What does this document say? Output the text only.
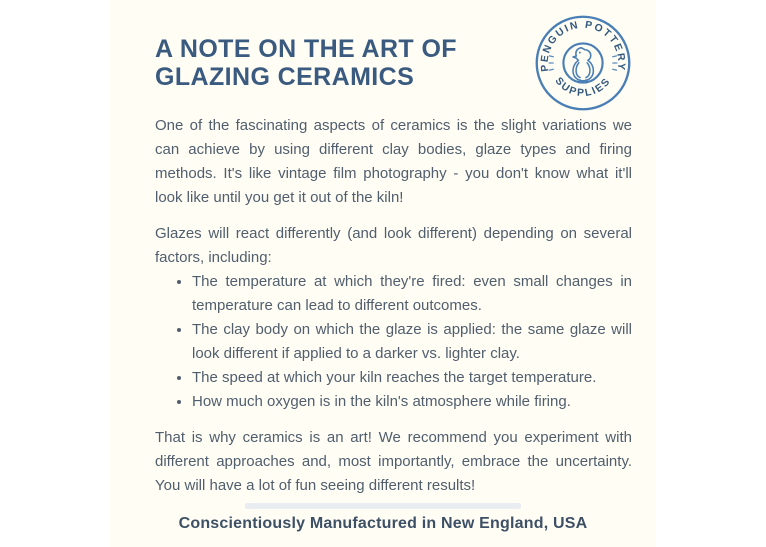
A NOTE ON THE ART OF
GLAZING CERAMICS	PENGUIN POTTERY
SUPPLIES

One of the fascinating aspects of ceramics is the slight variations we can achieve by using different clay bodies, glaze types and firing methods. It's like vintage film photography - you don't know what it'll look like until you get it out of the kiln!

Glazes will react differently (and look different) depending on several factors, including:

• The temperature at which they're fired: even small changes in temperature can lead to different outcomes.
• The clay body on which the glaze is applied: the same glaze will look different if applied to a darker vs. lighter clay.
• The speed at which your kiln reaches the target temperature.
• How much oxygen is in the kiln's atmosphere while firing.

That is why ceramics is an art! We recommend you experiment with different approaches and, most importantly, embrace the uncertainty. You will have a lot of fun seeing different results!

Conscientiously Manufactured in New England, USA
